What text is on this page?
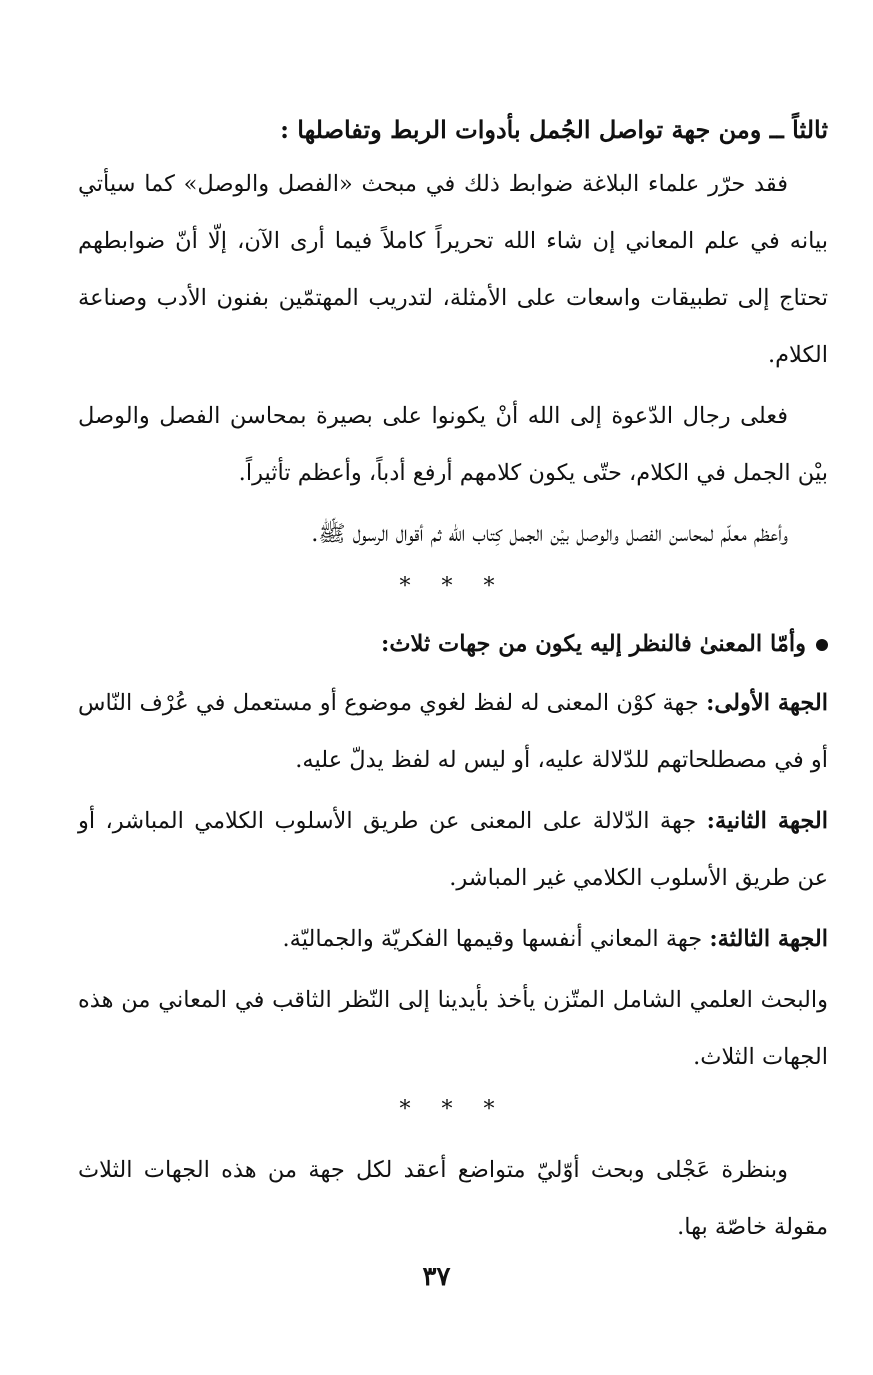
ثالثاً ــ ومن جهة تواصل الجُمل بأدوات الربط وتفاصلها :

فقد حرّر علماء البلاغة ضوابط ذلك في مبحث «الفصل والوصل» كما سيأتي بيانه في علم المعاني إن شاء الله تحريراً كاملاً فيما أرى الآن، إلّا أنّ ضوابطهم تحتاج إلى تطبيقات واسعات على الأمثلة، لتدريب المهتمّين بفنون الأدب وصناعة الكلام.

فعلى رجال الدّعوة إلى الله أنْ يكونوا على بصيرة بمحاسن الفصل والوصل بيْن الجمل في الكلام، حتّى يكون كلامهم أرفع أدباً، وأعظم تأثيراً.

وأعظم معلّم لمحاسن الفصل والوصل بيْن الجمل كِتاب الله ثم أقوال الرسول ﷺ.

* * *

وأمّا المعنىٰ فالنظر إليه يكون من جهات ثلاث:

الجهة الأولى: جهة كوْن المعنى له لفظ لغوي موضوع أو مستعمل في عُرْف النّاس أو في مصطلحاتهم للدّلالة عليه، أو ليس له لفظ يدلّ عليه.

الجهة الثانية: جهة الدّلالة على المعنى عن طريق الأسلوب الكلامي المباشر، أو عن طريق الأسلوب الكلامي غير المباشر.

الجهة الثالثة: جهة المعاني أنفسها وقيمها الفكريّة والجماليّة.

والبحث العلمي الشامل المتّزن يأخذ بأيدينا إلى النّظر الثاقب في المعاني من هذه الجهات الثلاث.

* * *

وبنظرة عَجْلى وبحث أوّليّ متواضع أعقد لكل جهة من هذه الجهات الثلاث مقولة خاصّة بها.

٣٧
